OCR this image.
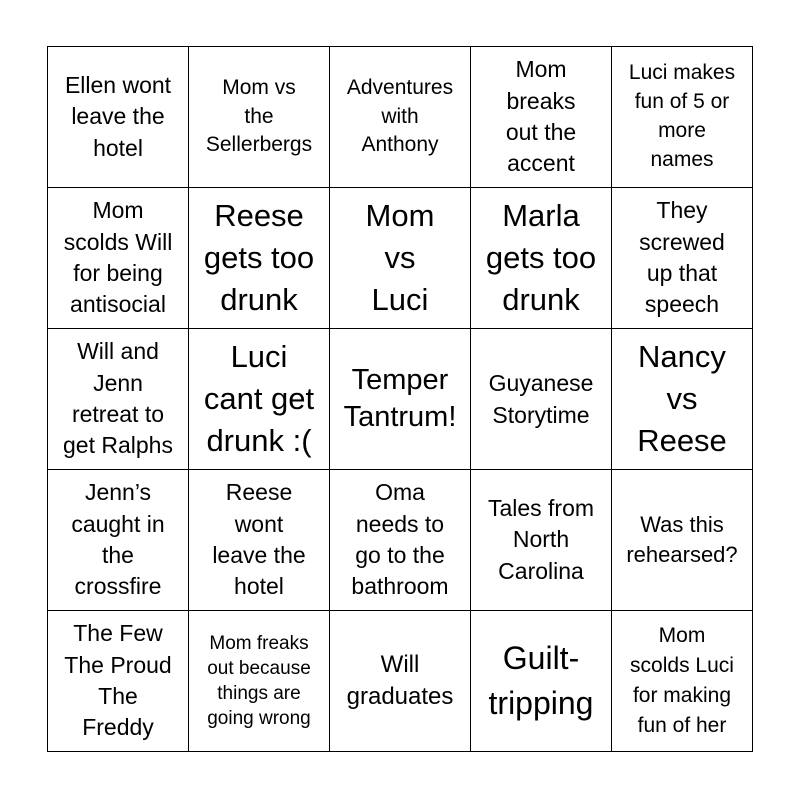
Ellen wont
leave the
hotel
Mom vs
the
Sellerbergs
Adventures
with
Anthony
Mom
breaks
out the
accent
Luci makes
fun of 5 or
more
names
Mom
scolds Will
for being
antisocial
Reese
gets too
drunk
Mom
vs
Luci
Marla
gets too
drunk
They
screwed
up that
speech
Will and
Jenn
retreat to
get Ralphs
Luci
cant get
drunk :(
Temper
Tantrum!
Guyanese
Storytime
Nancy
vs
Reese
Jenn’s
caught in
the
crossfire
Reese
wont
leave the
hotel
Oma
needs to
go to the
bathroom
Tales from
North
Carolina
Was this
rehearsed?
The Few
The Proud
The
Freddy
Mom freaks
out because
things are
going wrong
Will
graduates
Guilt-
tripping
Mom
scolds Luci
for making
fun of her
